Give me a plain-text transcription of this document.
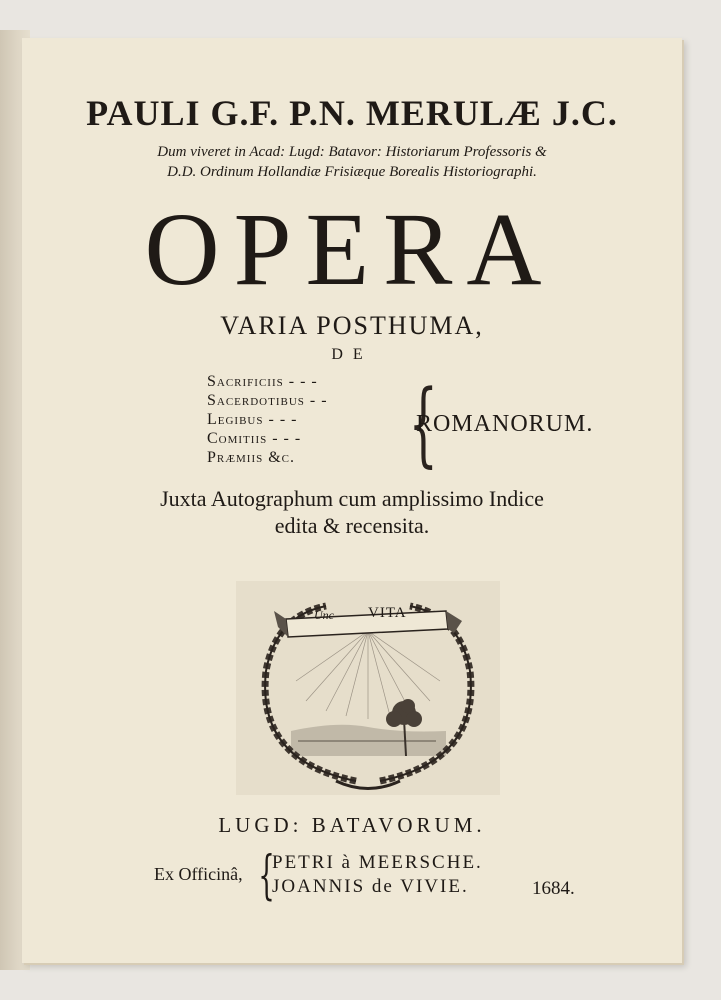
PAULI G.F. P.N. MERULÆ J.C.
Dum viveret in Acad: Lugd: Batavor: Historiarum Professoris &
D.D. Ordinum Hollandiæ Frisiæque Borealis Historiographi.
OPERA
VARIA POSTHUMA,
DE
Sacrificiis - - -
Sacerdotibus - -
Legibus - - -
Comitiis - - -
Præmiis &c.	{
ROMANORUM.
Juxta Autographum cum amplissimo Indice
edita & recensita.
Unc VITA
LUGD: BATAVORUM.
Ex Officinâ, {
PETRI à MEERSCHE.
JOANNIS de VIVIE.	1684.
